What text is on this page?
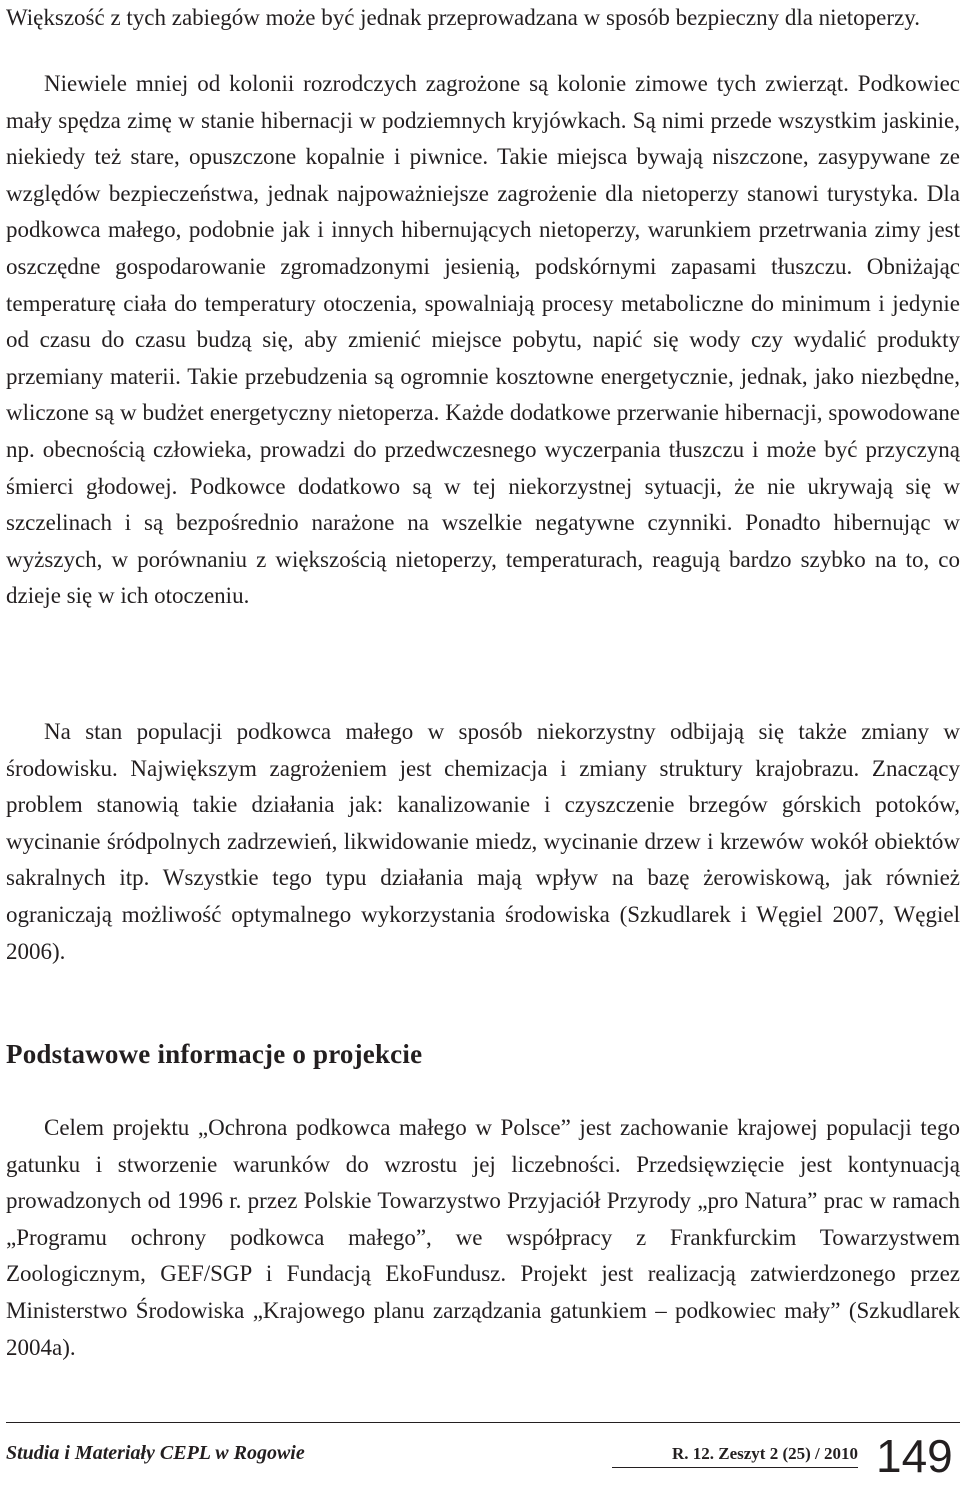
Większość z tych zabiegów może być jednak przeprowadzana w sposób bezpieczny dla nietoperzy.

Niewiele mniej od kolonii rozrodczych zagrożone są kolonie zimowe tych zwierząt. Podkowiec mały spędza zimę w stanie hibernacji w podziemnych kryjówkach. Są nimi przede wszystkim jaskinie, niekiedy też stare, opuszczone kopalnie i piwnice. Takie miejsca bywają niszczone, zasypywane ze względów bezpieczeństwa, jednak najpoważniejsze zagrożenie dla nietoperzy stanowi turystyka. Dla podkowca małego, podobnie jak i innych hibernujących nietoperzy, warunkiem przetrwania zimy jest oszczędne gospodarowanie zgromadzonymi jesienią, podskórnymi zapasami tłuszczu. Obniżając temperaturę ciała do temperatury otoczenia, spowalniają procesy metaboliczne do minimum i jedynie od czasu do czasu budzą się, aby zmienić miejsce pobytu, napić się wody czy wydalić produkty przemiany materii. Takie przebudzenia są ogromnie kosztowne energetycznie, jednak, jako niezbędne, wliczone są w budżet energetyczny nietoperza. Każde dodatkowe przerwanie hibernacji, spowodowane np. obecnością człowieka, prowadzi do przedwczesnego wyczerpania tłuszczu i może być przyczyną śmierci głodowej. Podkowce dodatkowo są w tej niekorzystnej sytuacji, że nie ukrywają się w szczelinach i są bezpośrednio narażone na wszelkie negatywne czynniki. Ponadto hibernując w wyższych, w porównaniu z większością nietoperzy, temperaturach, reagują bardzo szybko na to, co dzieje się w ich otoczeniu.

Na stan populacji podkowca małego w sposób niekorzystny odbijają się także zmiany w środowisku. Największym zagrożeniem jest chemizacja i zmiany struktury krajobrazu. Znaczący problem stanowią takie działania jak: kanalizowanie i czyszczenie brzegów górskich potoków, wycinanie śródpolnych zadrzewień, likwidowanie miedz, wycinanie drzew i krzewów wokół obiektów sakralnych itp. Wszystkie tego typu działania mają wpływ na bazę żerowiskową, jak również ograniczają możliwość optymalnego wykorzystania środowiska (Szkudlarek i Węgiel 2007, Węgiel 2006).

Podstawowe informacje o projekcie

Celem projektu „Ochrona podkowca małego w Polsce” jest zachowanie krajowej populacji tego gatunku i stworzenie warunków do wzrostu jej liczebności. Przedsięwzięcie jest kontynuacją prowadzonych od 1996 r. przez Polskie Towarzystwo Przyjaciół Przyrody „pro Natura” prac w ramach „Programu ochrony podkowca małego”, we współpracy z Frankfurckim Towarzystwem Zoologicznym, GEF/SGP i Fundacją EkoFundusz. Projekt jest realizacją zatwierdzonego przez Ministerstwo Środowiska „Krajowego planu zarządzania gatunkiem – podkowiec mały” (Szkudlarek 2004a).

Studia i Materiały CEPL w Rogowie	R. 12. Zeszyt 2 (25) / 2010 149
